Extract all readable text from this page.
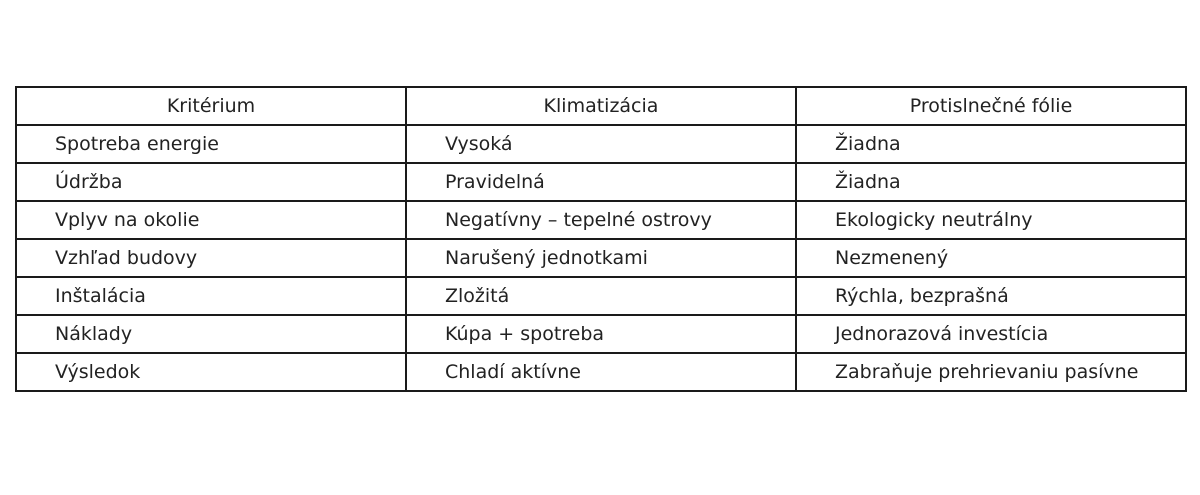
Kritérium	Klimatizácia	Protislnečné fólie
Spotreba energie	Vysoká	Žiadna
Údržba	Pravidelná	Žiadna
Vplyv na okolie	Negatívny – tepelné ostrovy	Ekologicky neutrálny
Vzhľad budovy	Narušený jednotkami	Nezmenený
Inštalácia	Zložitá	Rýchla, bezprašná
Náklady	Kúpa + spotreba	Jednorazová investícia
Výsledok	Chladí aktívne	Zabraňuje prehrievaniu pasívne
